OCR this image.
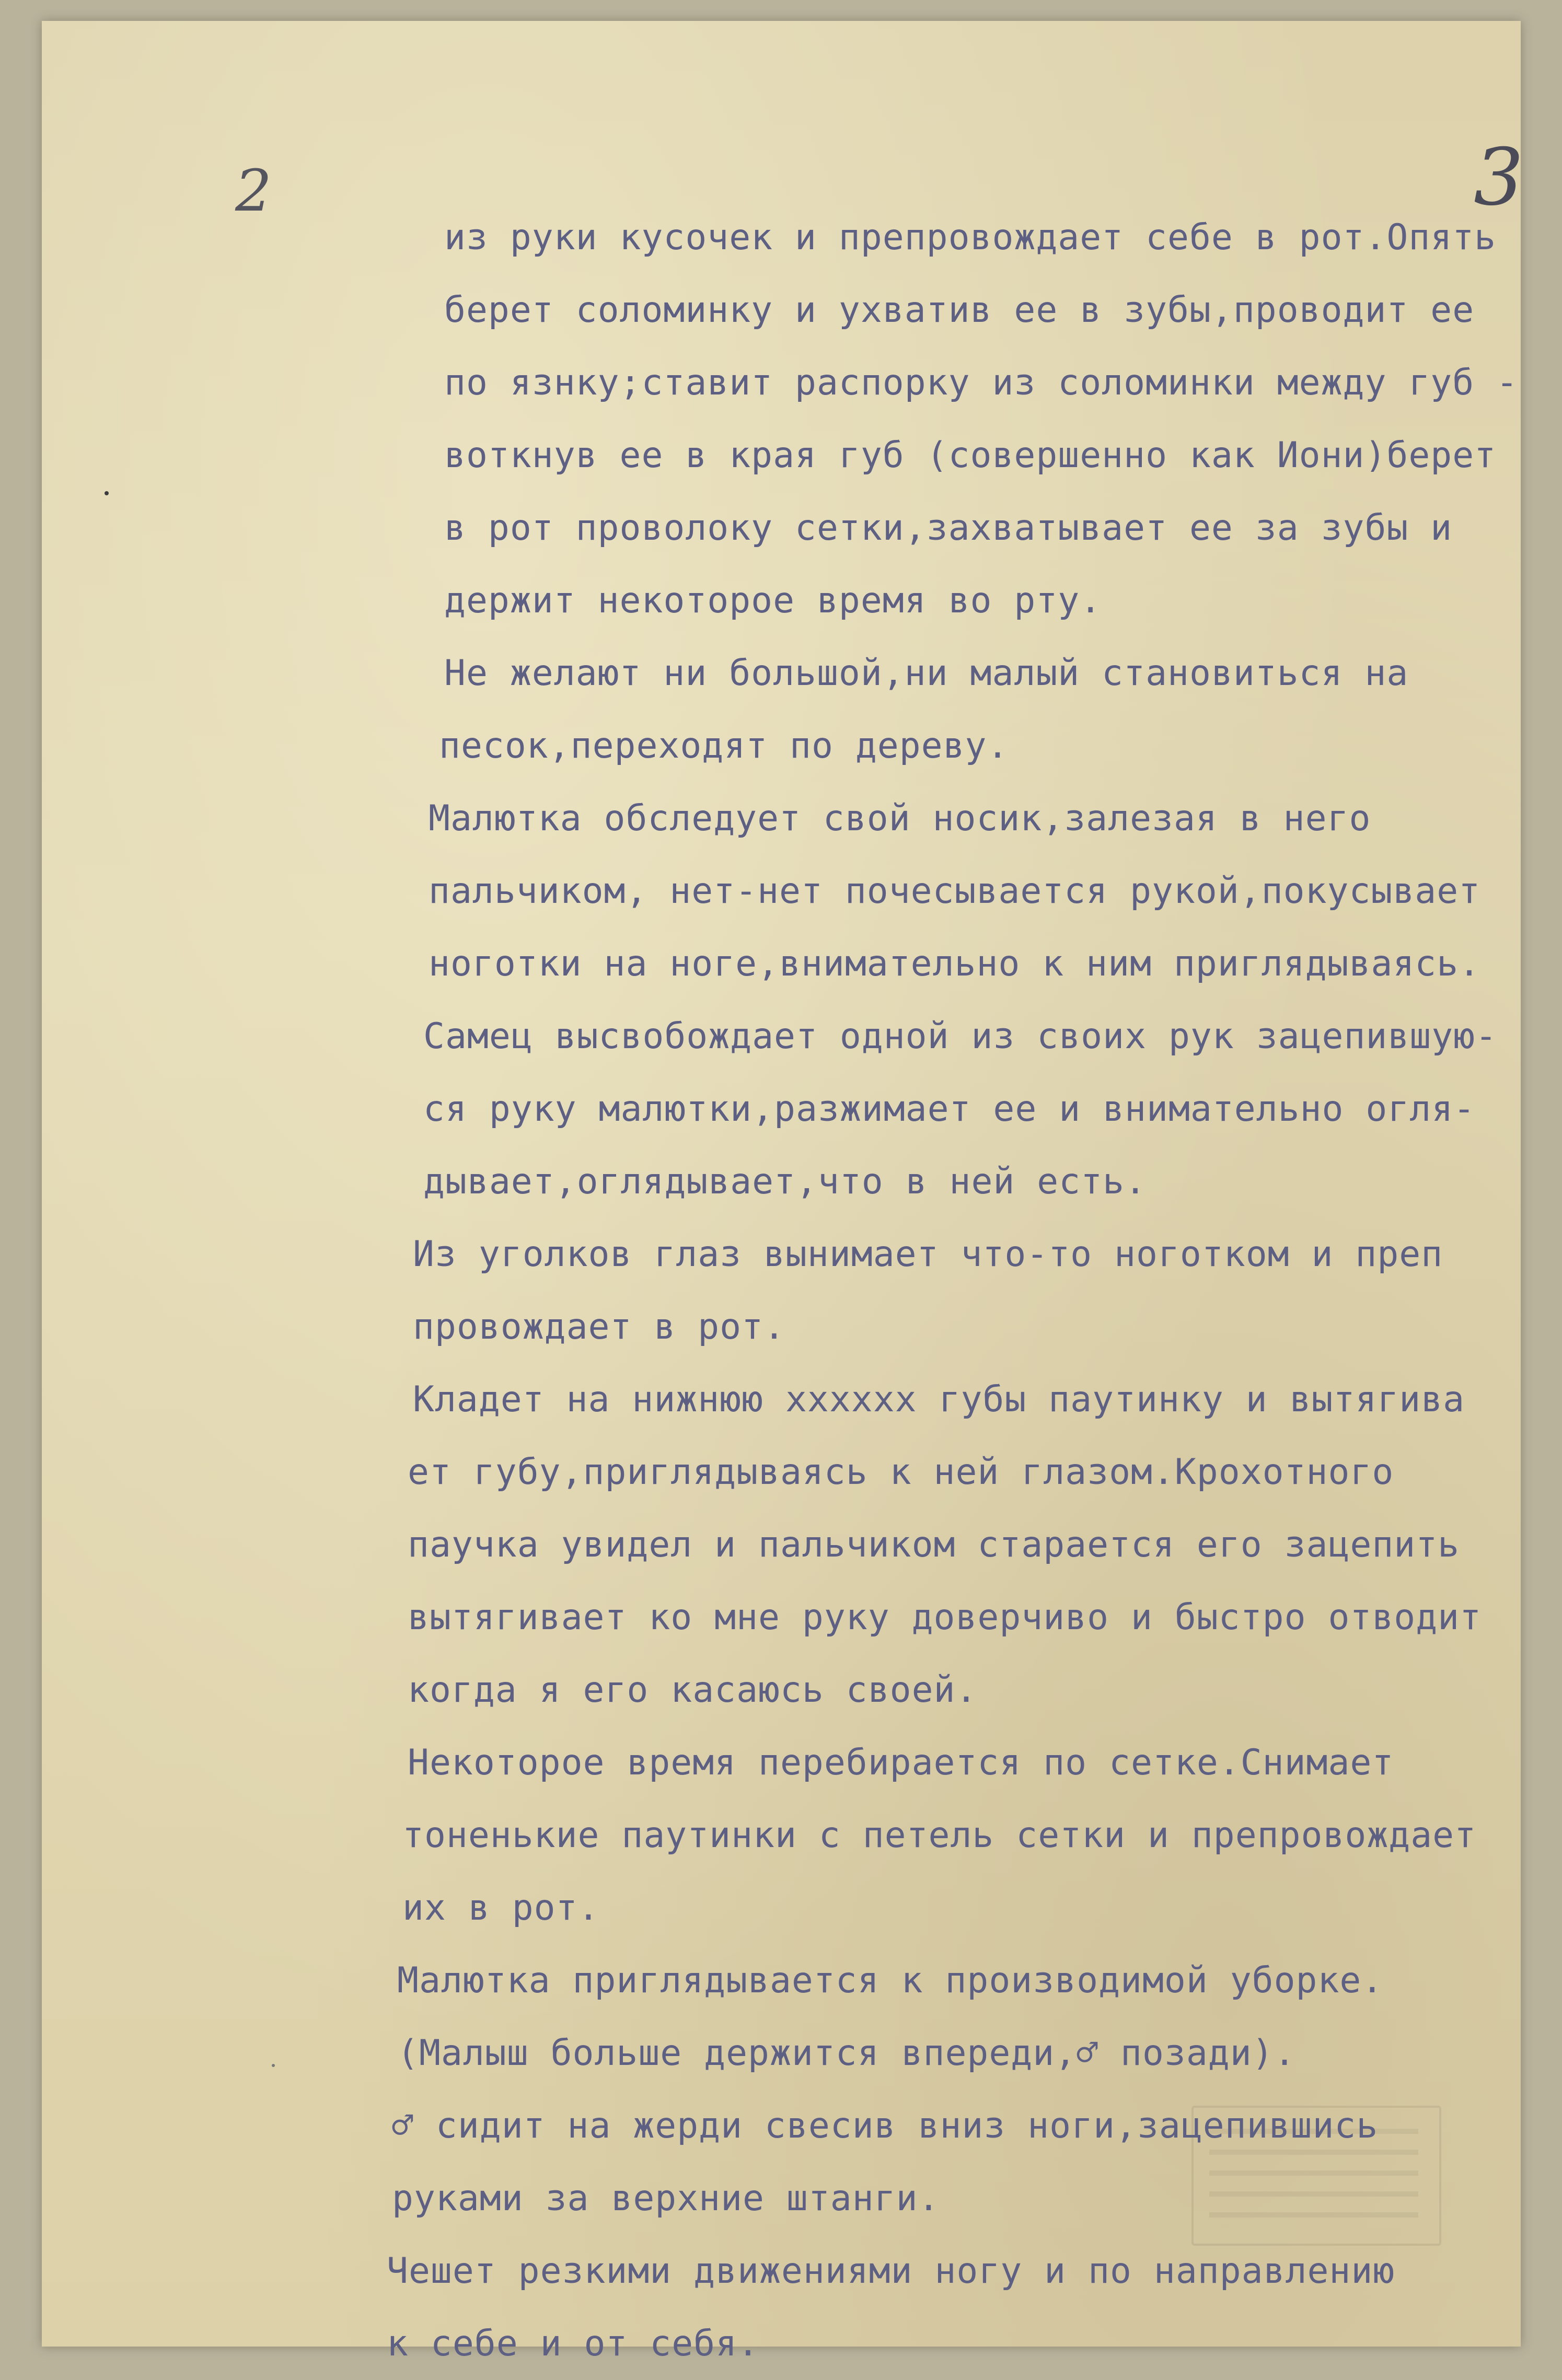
2	3
из руки кусочек и препровождает себе в рот.Опять
берет соломинку и ухватив ее в зубы,проводит ее
по язнку;ставит распорку из соломинки между губ -
воткнув ее в края губ (совершенно как Иони)берет
в рот проволоку сетки,захватывает ее за зубы и
держит некоторое время во рту.
Не желают ни большой,ни малый становиться на
песок,переходят по дереву.
Малютка обследует свой носик,залезая в него
пальчиком, нет-нет почесывается рукой,покусывает
ноготки на ноге,внимательно к ним приглядываясь.
Самец высвобождает одной из своих рук зацепившую-
ся руку малютки,разжимает ее и внимательно огля-
дывает,оглядывает,что в ней есть.
Из уголков глаз вынимает что-то ноготком и преп
провождает в рот.
Кладет на нижнюю хххххх губы паутинку и вытягива
ет губу,приглядываясь к ней глазом.Крохотного
паучка увидел и пальчиком старается его зацепить
вытягивает ко мне руку доверчиво и быстро отводит
когда я его касаюсь своей.
Некоторое время перебирается по сетке.Снимает
тоненькие паутинки с петель сетки и препровождает
их в рот.
Малютка приглядывается к производимой уборке.
(Малыш больше держится впереди,♂ позади).
♂ сидит на жерди свесив вниз ноги,зацепившись
руками за верхние штанги.
Чешет резкими движениями ногу и по направлению
к себе и от себя.
